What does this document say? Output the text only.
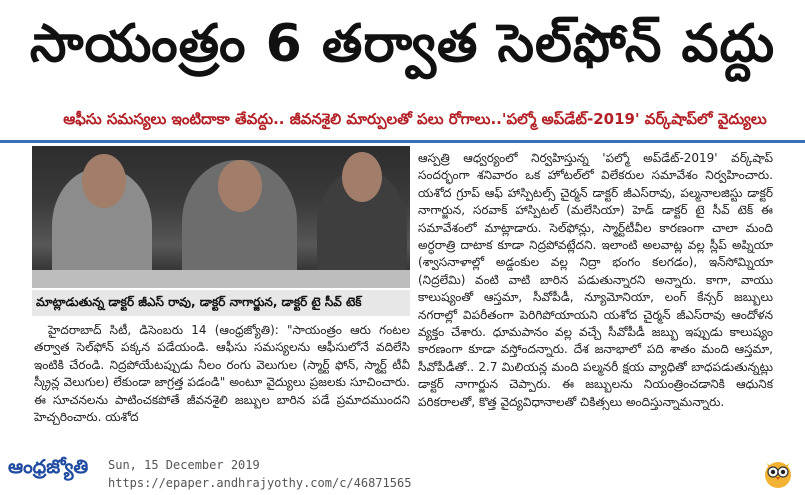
సాయంత్రం 6 తర్వాత సెల్‌ఫోన్ వద్దు
ఆఫీసు సమస్యలు ఇంటిదాకా తేవద్దు.. జీవనశైలి మార్పులతో పలు రోగాలు..'పల్మో అప్‌డేట్-2019' వర్క్‌షాప్‌లో వైద్యులు
మాట్లాడుతున్న డాక్టర్ జీఎస్ రావు, డాక్టర్ నాగార్జున, డాక్టర్ టై సీవ్ టెక్

హైదరాబాద్ సిటీ, డిసెంబరు 14 (ఆంధ్రజ్యోతి): "సాయంత్రం ఆరు గంటల తర్వాత సెల్‌ఫోన్ పక్కన పడేయండి. ఆఫీసు సమస్యలను ఆఫీసులోనే వదిలేసి ఇంటికి చేరండి. నిద్రపోయేటప్పుడు నీలం రంగు వెలుగుల (స్మార్ట్ ఫోన్, స్మార్ట్ టీవీ స్క్రీన్ల వెలుగుల) లేకుండా జాగ్రత్త పడండి" అంటూ వైద్యులు ప్రజలకు సూచించారు. ఈ సూచనలను పాటించకపోతే జీవనశైలి జబ్బుల బారిన పడే ప్రమాదముందని హెచ్చరించారు. యశోద

ఆస్పత్రి ఆధ్వర్యంలో నిర్వహిస్తున్న 'పల్మో అప్‌డేట్-2019' వర్క్‌షాప్ సందర్భంగా శనివారం ఒక హోటల్‌లో విలేకరుల సమావేశం నిర్వహించారు. యశోద గ్రూప్ ఆఫ్ హాస్పిటల్స్ చైర్మన్ డాక్టర్ జీఎస్‌రావు, పల్మనాలజిస్టు డాక్టర్ నాగార్జున, సరవాక్ హాస్పిటల్ (మలేసియా) హెడ్ డాక్టర్ టై సీవ్ టెక్ ఈ సమావేశంలో మాట్లాడారు. సెల్‌ఫోన్లు, స్మార్ట్‌టీవీల కారణంగా చాలా మంది అర్ధరాత్రి దాటాక కూడా నిద్రపోవట్లేదని. ఇలాంటి అలవాట్ల వల్ల స్లీప్ అప్నియా (శ్వాసనాళాల్లో అడ్డంకుల వల్ల నిద్రా భంగం కలగడం), ఇన్‌సోమ్నియా (నిద్రలేమి) వంటి వాటి బారిన పడుతున్నారని అన్నారు. కాగా, వాయు కాలుష్యంతో ఆస్తమా, సీవోపీడీ, న్యూమోనియా, లంగ్ కేన్సర్ జబ్బులు నగరాల్లో విపరీతంగా పెరిగిపోయాయని యశోద చైర్మన్ జీఎస్‌రావు ఆందోళన వ్యక్తం చేశారు. ధూమపానం వల్ల వచ్చే సీవోపీడీ జబ్బు ఇప్పుడు కాలుష్యం కారణంగా కూడా వస్తోందన్నారు. దేశ జనాభాలో పది శాతం మంది ఆస్తమా, సీవోపీడీతో.. 2.7 మిలియన్ల మంది పల్మనరీ క్షయ వ్యాధితో బాధపడుతున్నట్లు డాక్టర్ నాగార్జున చెప్పారు. ఈ జబ్బులను నియంత్రించడానికి ఆధునిక పరికరాలతో, కొత్త వైద్యవిధానాలతో చికిత్సలు అందిస్తున్నామన్నారు.

ఆంధ్రజ్యోతి Sun, 15 December 2019
https://epaper.andhrajyothy.com/c/46871565
